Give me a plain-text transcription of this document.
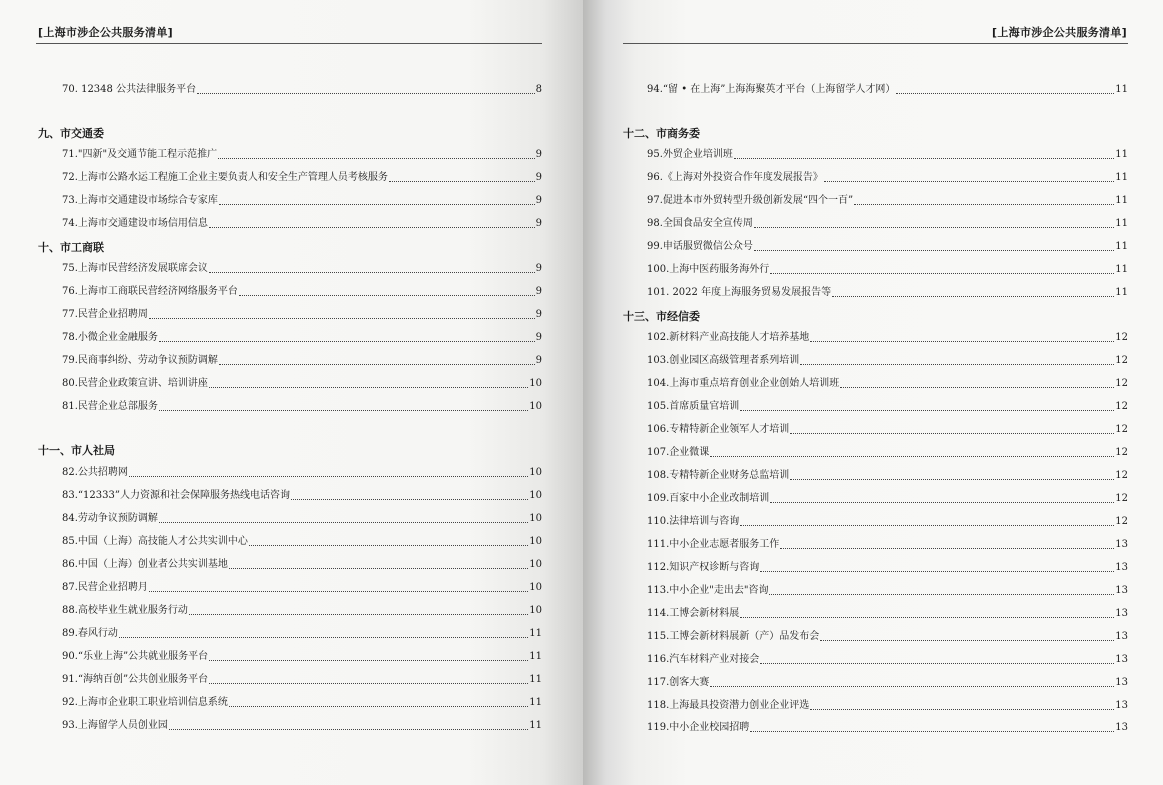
[上海市涉企公共服务清单]
70. 12348 公共法律服务平台	8
九、市交通委
71."四新"及交通节能工程示范推广	9
72.上海市公路水运工程施工企业主要负责人和安全生产管理人员考核服务	9
73.上海市交通建设市场综合专家库	9
74.上海市交通建设市场信用信息	9
十、市工商联
75.上海市民营经济发展联席会议	9
76.上海市工商联民营经济网络服务平台	9
77.民营企业招聘周	9
78.小微企业金融服务	9
79.民商事纠纷、劳动争议预防调解	9
80.民营企业政策宣讲、培训讲座	10
81.民营企业总部服务	10
十一、市人社局
82.公共招聘网	10
83.“12333”人力资源和社会保障服务热线电话咨询	10
84.劳动争议预防调解	10
85.中国（上海）高技能人才公共实训中心	10
86.中国（上海）创业者公共实训基地	10
87.民营企业招聘月	10
88.高校毕业生就业服务行动	10
89.春风行动	11
90.“乐业上海”公共就业服务平台	11
91.“海纳百创”公共创业服务平台	11
92.上海市企业职工职业培训信息系统	11
93.上海留学人员创业园	11
[上海市涉企公共服务清单]
94.“留 • 在上海”上海海聚英才平台（上海留学人才网）	11
十二、市商务委
95.外贸企业培训班	11
96.《上海对外投资合作年度发展报告》	11
97.促进本市外贸转型升级创新发展“四个一百”	11
98.全国食品安全宣传周	11
99.申话服贸微信公众号	11
100.上海中医药服务海外行	11
101. 2022 年度上海服务贸易发展报告等	11
十三、市经信委
102.新材料产业高技能人才培养基地	12
103.创业园区高级管理者系列培训	12
104.上海市重点培育创业企业创始人培训班	12
105.首席质量官培训	12
106.专精特新企业领军人才培训	12
107.企业微课	12
108.专精特新企业财务总监培训	12
109.百家中小企业改制培训	12
110.法律培训与咨询	12
111.中小企业志愿者服务工作	13
112.知识产权诊断与咨询	13
113.中小企业"走出去"咨询	13
114.工博会新材料展	13
115.工博会新材料展新（产）品发布会	13
116.汽车材料产业对接会	13
117.创客大赛	13
118.上海最具投资潜力创业企业评选	13
119.中小企业校园招聘	13
